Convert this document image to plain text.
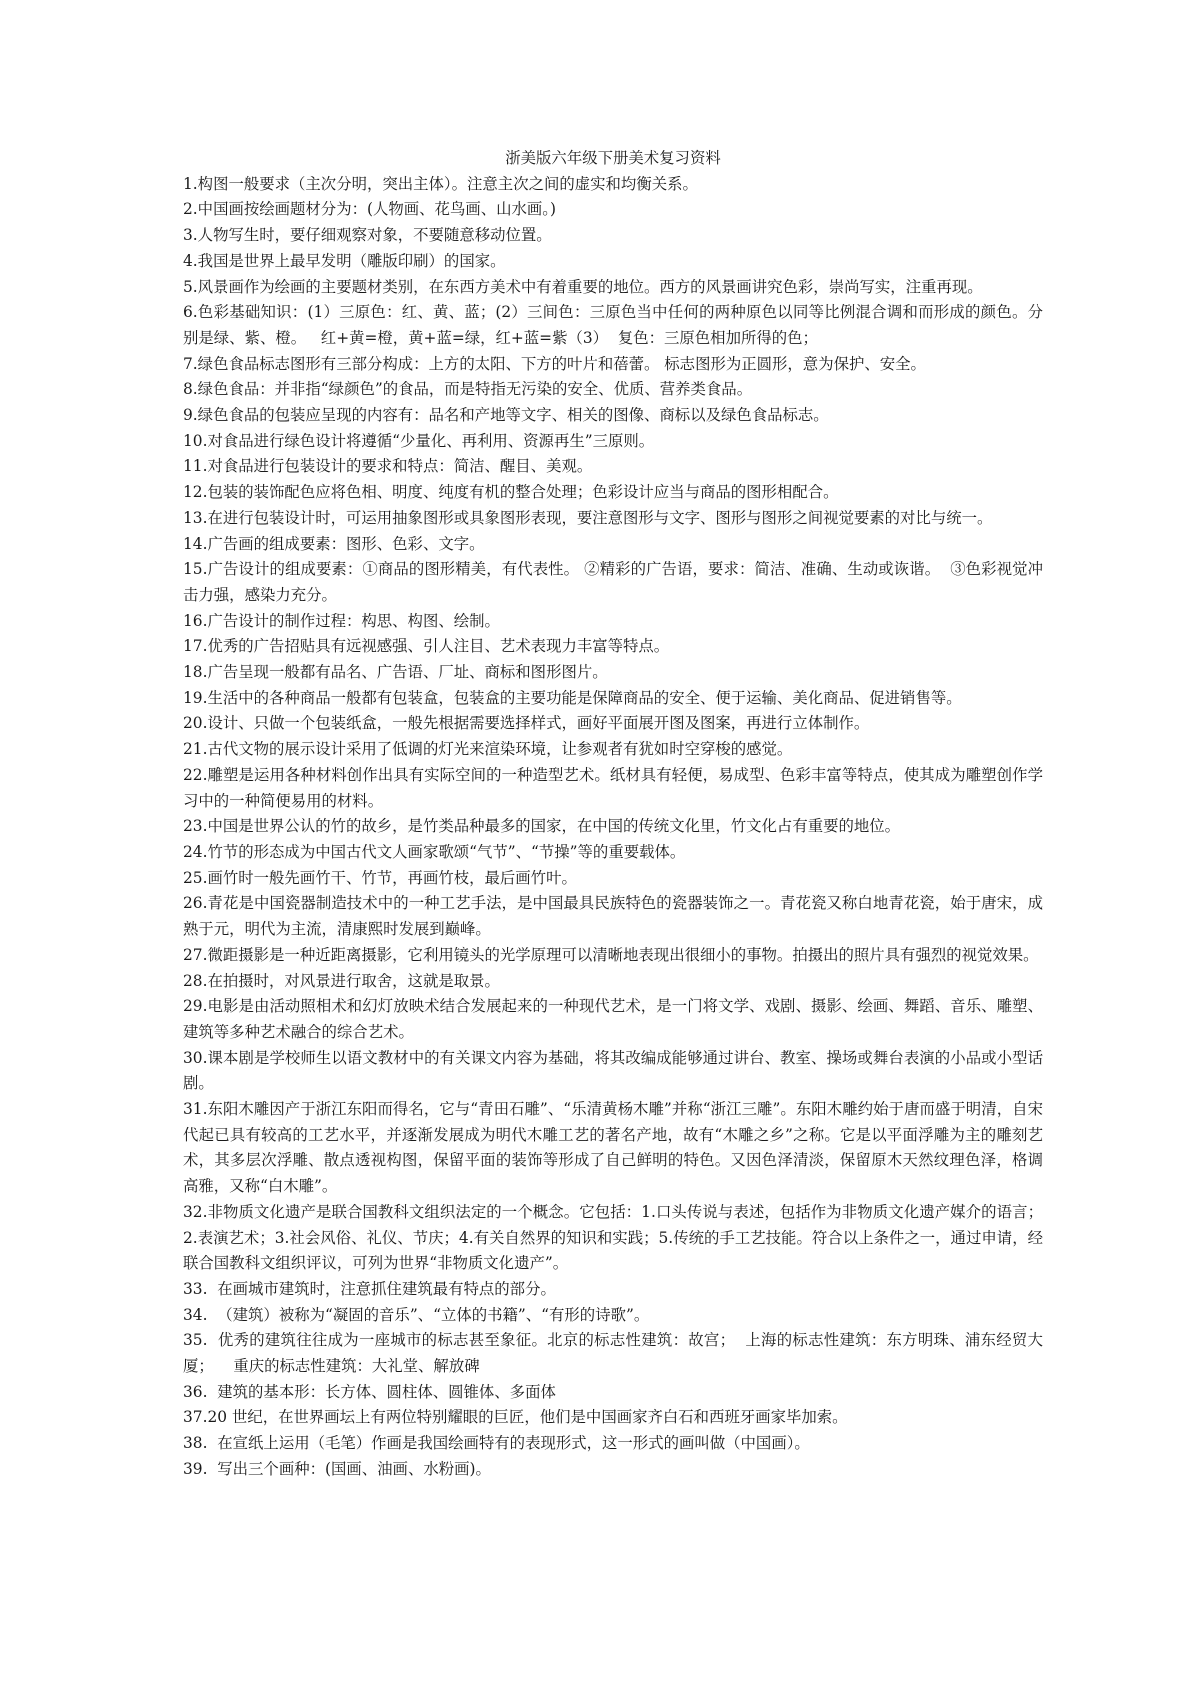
浙美版六年级下册美术复习资料

1.构图一般要求（主次分明，突出主体）。注意主次之间的虚实和均衡关系。

2.中国画按绘画题材分为：(人物画、花鸟画、山水画。)

3.人物写生时，要仔细观察对象，不要随意移动位置。

4.我国是世界上最早发明（雕版印刷）的国家。

5.风景画作为绘画的主要题材类别，在东西方美术中有着重要的地位。西方的风景画讲究色彩，崇尚写实，注重再现。

6.色彩基础知识：(1）三原色：红、黄、蓝；(2）三间色：三原色当中任何的两种原色以同等比例混合调和而形成的颜色。分别是绿、紫、橙。   红+黄=橙，黄+蓝=绿，红+蓝=紫（3）  复色：三原色相加所得的色；

7.绿色食品标志图形有三部分构成：上方的太阳、下方的叶片和蓓蕾。 标志图形为正圆形，意为保护、安全。

8.绿色食品：并非指“绿颜色”的食品，而是特指无污染的安全、优质、营养类食品。

9.绿色食品的包装应呈现的内容有：品名和产地等文字、相关的图像、商标以及绿色食品标志。

10.对食品进行绿色设计将遵循“少量化、再利用、资源再生”三原则。

11.对食品进行包装设计的要求和特点：简洁、醒目、美观。

12.包装的装饰配色应将色相、明度、纯度有机的整合处理；色彩设计应当与商品的图形相配合。

13.在进行包装设计时，可运用抽象图形或具象图形表现，要注意图形与文字、图形与图形之间视觉要素的对比与统一。

14.广告画的组成要素：图形、色彩、文字。

15.广告设计的组成要素：①商品的图形精美，有代表性。 ②精彩的广告语，要求：简洁、准确、生动或诙谐。  ③色彩视觉冲击力强，感染力充分。

16.广告设计的制作过程：构思、构图、绘制。

17.优秀的广告招贴具有远视感强、引人注目、艺术表现力丰富等特点。

18.广告呈现一般都有品名、广告语、厂址、商标和图形图片。

19.生活中的各种商品一般都有包装盒，包装盒的主要功能是保障商品的安全、便于运输、美化商品、促进销售等。

20.设计、只做一个包装纸盒，一般先根据需要选择样式，画好平面展开图及图案，再进行立体制作。

21.古代文物的展示设计采用了低调的灯光来渲染环境，让参观者有犹如时空穿梭的感觉。

22.雕塑是运用各种材料创作出具有实际空间的一种造型艺术。纸材具有轻便，易成型、色彩丰富等特点，使其成为雕塑创作学习中的一种简便易用的材料。

23.中国是世界公认的竹的故乡，是竹类品种最多的国家，在中国的传统文化里，竹文化占有重要的地位。

24.竹节的形态成为中国古代文人画家歌颂“气节”、“节操”等的重要载体。

25.画竹时一般先画竹干、竹节，再画竹枝，最后画竹叶。

26.青花是中国瓷器制造技术中的一种工艺手法，是中国最具民族特色的瓷器装饰之一。青花瓷又称白地青花瓷，始于唐宋，成熟于元，明代为主流，清康熙时发展到巅峰。

27.微距摄影是一种近距离摄影，它利用镜头的光学原理可以清晰地表现出很细小的事物。拍摄出的照片具有强烈的视觉效果。

28.在拍摄时，对风景进行取舍，这就是取景。

29.电影是由活动照相术和幻灯放映术结合发展起来的一种现代艺术，是一门将文学、戏剧、摄影、绘画、舞蹈、音乐、雕塑、建筑等多种艺术融合的综合艺术。

30.课本剧是学校师生以语文教材中的有关课文内容为基础，将其改编成能够通过讲台、教室、操场或舞台表演的小品或小型话剧。

31.东阳木雕因产于浙江东阳而得名，它与“青田石雕”、“乐清黄杨木雕”并称“浙江三雕”。东阳木雕约始于唐而盛于明清，自宋代起已具有较高的工艺水平，并逐渐发展成为明代木雕工艺的著名产地，故有“木雕之乡”之称。它是以平面浮雕为主的雕刻艺术，其多层次浮雕、散点透视构图，保留平面的装饰等形成了自己鲜明的特色。又因色泽清淡，保留原木天然纹理色泽，格调高雅，又称“白木雕”。

32.非物质文化遗产是联合国教科文组织法定的一个概念。它包括：1.口头传说与表述，包括作为非物质文化遗产媒介的语言；2.表演艺术；3.社会风俗、礼仪、节庆；4.有关自然界的知识和实践；5.传统的手工艺技能。符合以上条件之一，通过申请，经联合国教科文组织评议，可列为世界“非物质文化遗产”。

33.  在画城市建筑时，注意抓住建筑最有特点的部分。

34.  （建筑）被称为“凝固的音乐”、“立体的书籍”、“有形的诗歌”。

35.  优秀的建筑往往成为一座城市的标志甚至象征。北京的标志性建筑：故宫；  上海的标志性建筑：东方明珠、浦东经贸大厦；    重庆的标志性建筑：大礼堂、解放碑

36.  建筑的基本形：长方体、圆柱体、圆锥体、多面体

37.20 世纪，在世界画坛上有两位特别耀眼的巨匠，他们是中国画家齐白石和西班牙画家毕加索。

38.  在宣纸上运用（毛笔）作画是我国绘画特有的表现形式，这一形式的画叫做（中国画）。

39.  写出三个画种：(国画、油画、水粉画)。
